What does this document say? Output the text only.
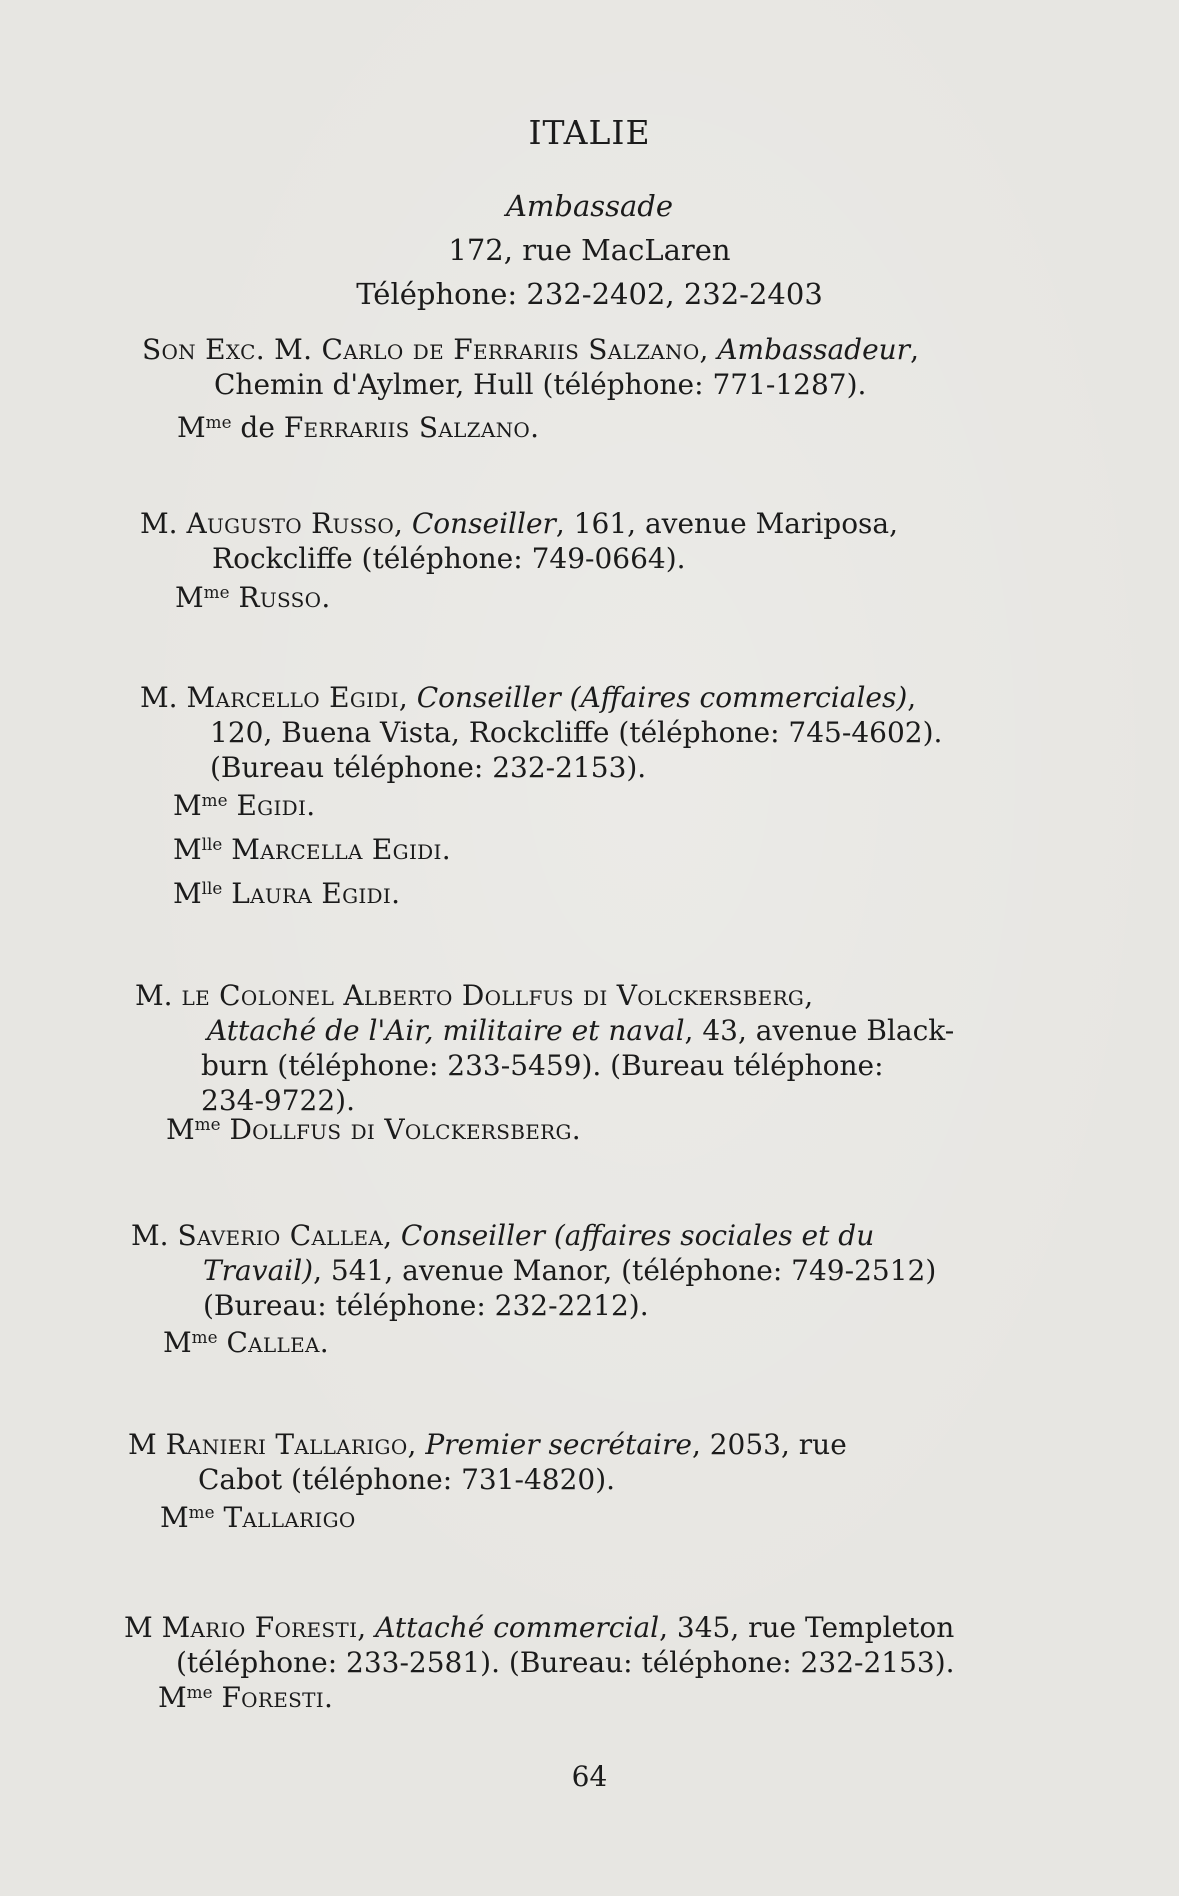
ITALIE
Ambassade
172, rue MacLaren
Téléphone: 232-2402, 232-2403
Son Exc. M. Carlo de Ferrariis Salzano, Ambassadeur,
Chemin d'Aylmer, Hull (téléphone: 771-1287).
$M^{me}$ de Ferrariis Salzano.
M. Augusto Russo, Conseiller, 161, avenue Mariposa,
Rockcliffe (téléphone: 749-0664).
$M^{me}$ Russo.
M. Marcello Egidi, Conseiller (Affaires commerciales),
120, Buena Vista, Rockcliffe (téléphone: 745-4602).
(Bureau téléphone: 232-2153).
$M^{me}$ Egidi.
$M^{lle}$ Marcella Egidi.
$M^{lle}$ Laura Egidi.
M. le Colonel Alberto Dollfus di Volckersberg,
Attaché de l'Air, militaire et naval, 43, avenue Black-
burn (téléphone: 233-5459). (Bureau téléphone:
234-9722).
$M^{me}$ Dollfus di Volckersberg.
M. Saverio Callea, Conseiller (affaires sociales et du
Travail), 541, avenue Manor, (téléphone: 749-2512)
(Bureau: téléphone: 232-2212).
$M^{me}$ Callea.
M Ranieri Tallarigo, Premier secrétaire, 2053, rue
Cabot (téléphone: 731-4820).
$M^{me}$ Tallarigo
M Mario Foresti, Attaché commercial, 345, rue Templeton
(téléphone: 233-2581). (Bureau: téléphone: 232-2153).
$M^{me}$ Foresti.
64
